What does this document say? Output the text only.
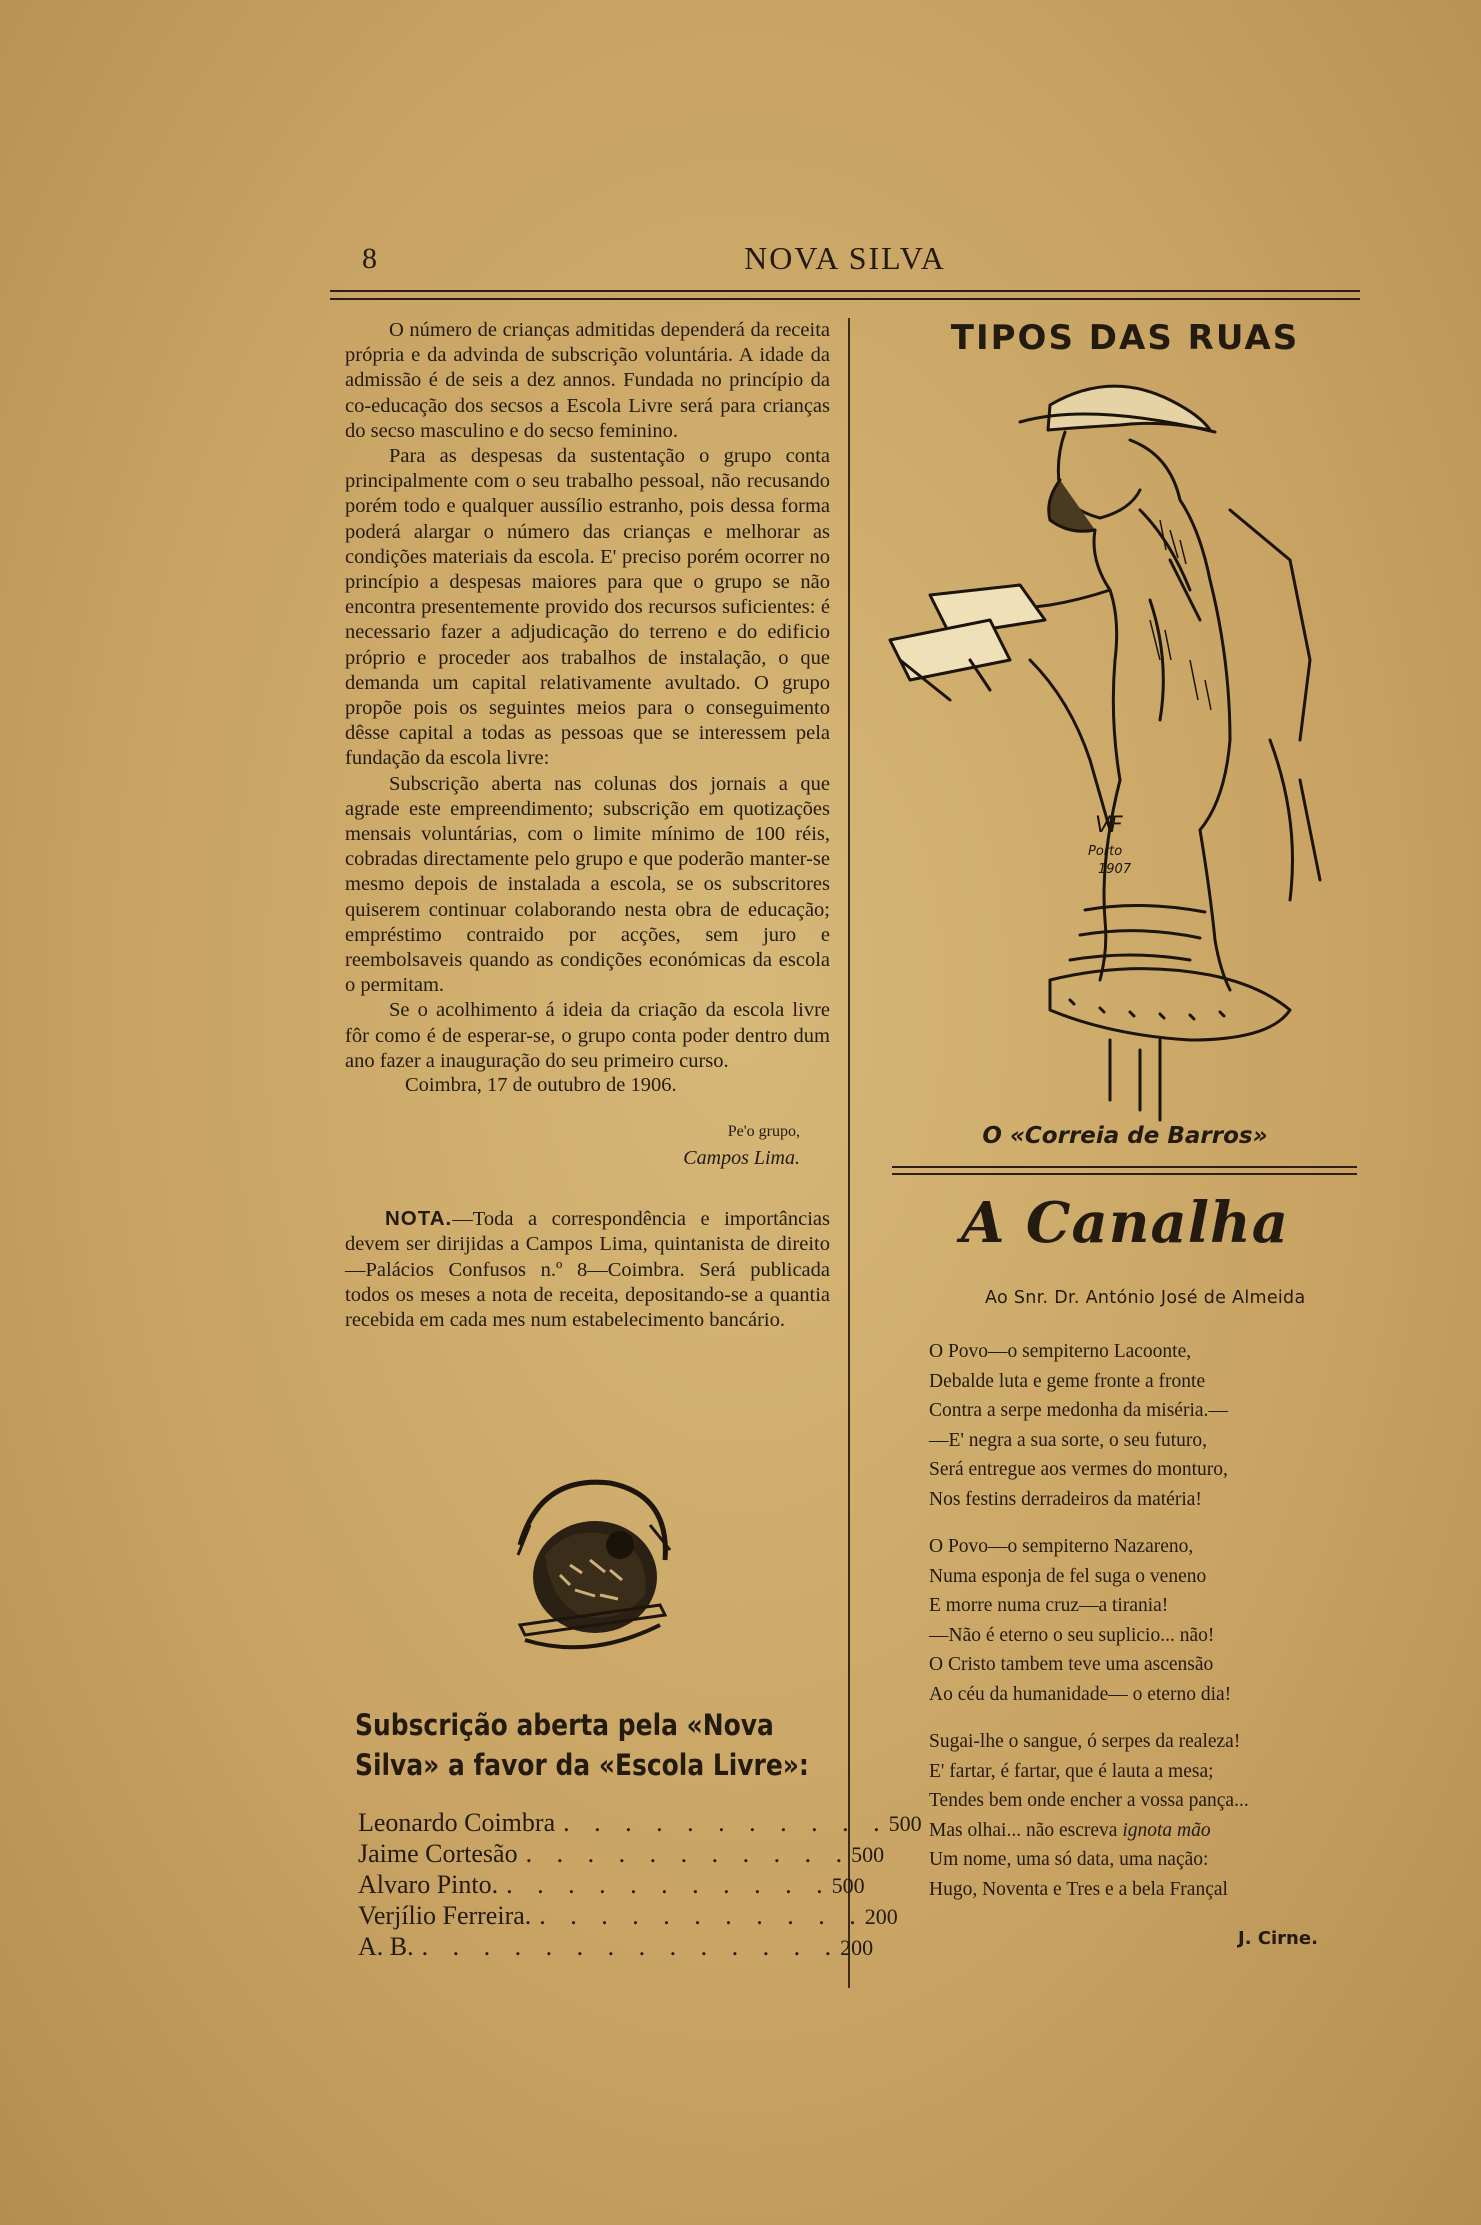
8	NOVA SILVA

O número de crianças admitidas dependerá da receita própria e da advinda de subscrição voluntária. A idade da admissão é de seis a dez annos. Fundada no princípio da co-educação dos secsos a Escola Livre será para crianças do secso masculino e do secso feminino.

Para as despesas da sustentação o grupo conta principalmente com o seu trabalho pessoal, não recusando porém todo e qualquer aussílio estranho, pois dessa forma poderá alargar o número das crianças e melhorar as condições materiais da escola. E' preciso porém ocorrer no princípio a despesas maiores para que o grupo se não encontra presentemente provido dos recursos suficientes: é necessario fazer a adjudicação do terreno e do edificio próprio e proceder aos trabalhos de instalação, o que demanda um capital relativamente avultado. O grupo propõe pois os seguintes meios para o conseguimento dêsse capital a todas as pessoas que se interessem pela fundação da escola livre:

Subscrição aberta nas colunas dos jornais a que agrade este empreendimento; subscrição em quotizações mensais voluntárias, com o limite mínimo de 100 réis, cobradas directamente pelo grupo e que poderão manter-se mesmo depois de instalada a escola, se os subscritores quiserem continuar colaborando nesta obra de educação; empréstimo contraido por acções, sem juro e reembolsaveis quando as condições económicas da escola o permitam.

Se o acolhimento á ideia da criação da escola livre fôr como é de esperar-se, o grupo conta poder dentro dum ano fazer a inauguração do seu primeiro curso.

Coimbra, 17 de outubro de 1906.

Pe'o grupo,
Campos Lima.

NOTA.—Toda a correspondência e importâncias devem ser dirijidas a Campos Lima, quintanista de direito—Palácios Confusos n.º 8—Coimbra. Será publicada todos os meses a nota de receita, depositando-se a quantia recebida em cada mes num estabelecimento bancário.

Subscrição aberta pela «Nova Silva» a favor da «Escola Livre»:
Leonardo Coimbra . . . . . . . . . . . 500
Jaime Cortesão . . . . . . . . . . . 500
Alvaro Pinto. . . . . . . . . . . . 500
Verjílio Ferreira. . . . . . . . . . . . 200
A. B. . . . . . . . . . . . . . . 200
TIPOS DAS RUAS
VF
Porto
1907
O «Correia de Barros»
A Canalha
Ao Snr. Dr. António José de Almeida
O Povo—o sempiterno Lacoonte,
Debalde luta e geme fronte a fronte
Contra a serpe medonha da miséria.—
—E' negra a sua sorte, o seu futuro,
Será entregue aos vermes do monturo,
Nos festins derradeiros da matéria!
O Povo—o sempiterno Nazareno,
Numa esponja de fel suga o veneno
E morre numa cruz—a tirania!
—Não é eterno o seu suplicio... não!
O Cristo tambem teve uma ascensão
Ao céu da humanidade— o eterno dia!
Sugai-lhe o sangue, ó serpes da realeza!
E' fartar, é fartar, que é lauta a mesa;
Tendes bem onde encher a vossa pança...
Mas olhai... não escreva ignota mão
Um nome, uma só data, uma nação:
Hugo, Noventa e Tres e a bela Françal
J. Cirne.
